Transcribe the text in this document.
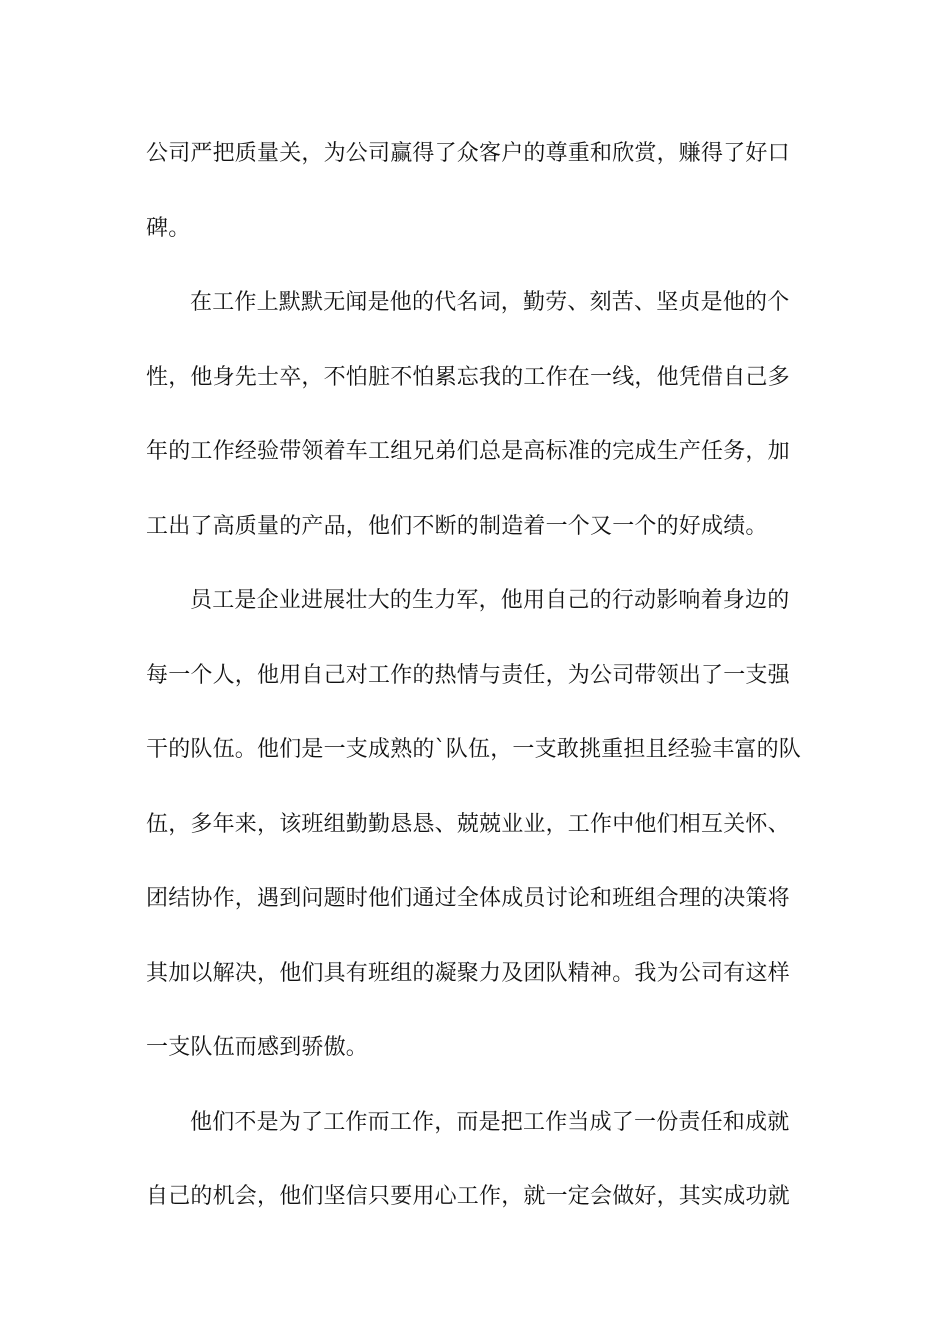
公司严把质量关，为公司赢得了众客户的尊重和欣赏，赚得了好口
碑。
在工作上默默无闻是他的代名词，勤劳、刻苦、坚贞是他的个
性，他身先士卒，不怕脏不怕累忘我的工作在一线，他凭借自己多
年的工作经验带领着车工组兄弟们总是高标准的完成生产任务，加
工出了高质量的产品，他们不断的制造着一个又一个的好成绩。
员工是企业进展壮大的生力军，他用自己的行动影响着身边的
每一个人，他用自己对工作的热情与责任，为公司带领出了一支强
干的队伍。他们是一支成熟的`队伍，一支敢挑重担且经验丰富的队
伍，多年来，该班组勤勤恳恳、兢兢业业，工作中他们相互关怀、
团结协作，遇到问题时他们通过全体成员讨论和班组合理的决策将
其加以解决，他们具有班组的凝聚力及团队精神。我为公司有这样
一支队伍而感到骄傲。
他们不是为了工作而工作，而是把工作当成了一份责任和成就
自己的机会，他们坚信只要用心工作，就一定会做好，其实成功就
